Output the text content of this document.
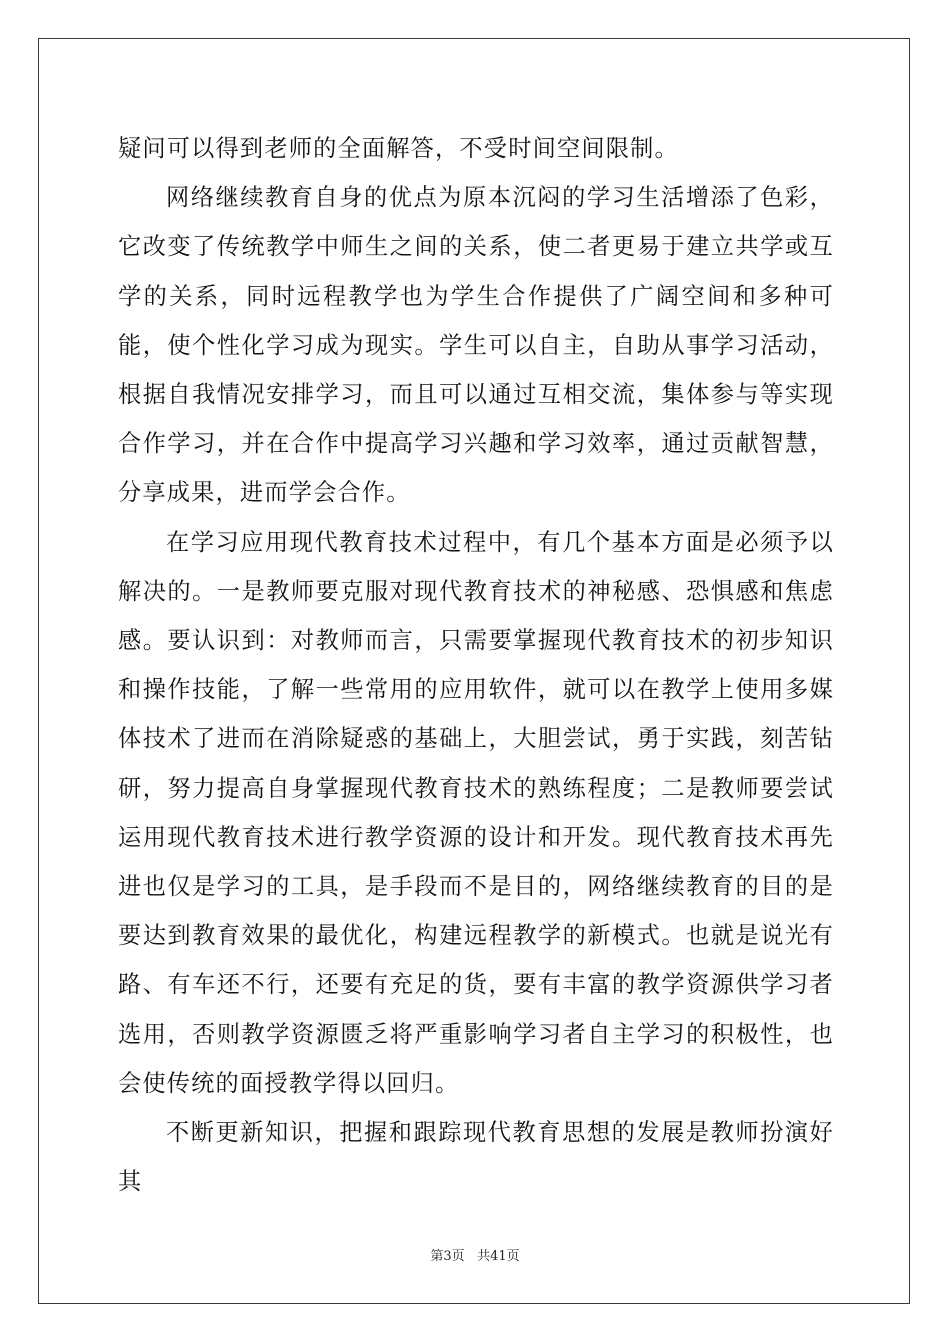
疑问可以得到老师的全面解答，不受时间空间限制。

网络继续教育自身的优点为原本沉闷的学习生活增添了色彩，它改变了传统教学中师生之间的关系，使二者更易于建立共学或互学的关系，同时远程教学也为学生合作提供了广阔空间和多种可能，使个性化学习成为现实。学生可以自主，自助从事学习活动，根据自我情况安排学习，而且可以通过互相交流，集体参与等实现合作学习，并在合作中提高学习兴趣和学习效率，通过贡献智慧，分享成果，进而学会合作。

在学习应用现代教育技术过程中，有几个基本方面是必须予以解决的。一是教师要克服对现代教育技术的神秘感、恐惧感和焦虑感。要认识到：对教师而言，只需要掌握现代教育技术的初步知识和操作技能，了解一些常用的应用软件，就可以在教学上使用多媒体技术了进而在消除疑惑的基础上，大胆尝试，勇于实践，刻苦钻研，努力提高自身掌握现代教育技术的熟练程度；二是教师要尝试运用现代教育技术进行教学资源的设计和开发。现代教育技术再先进也仅是学习的工具，是手段而不是目的，网络继续教育的目的是要达到教育效果的最优化，构建远程教学的新模式。也就是说光有路、有车还不行，还要有充足的货，要有丰富的教学资源供学习者选用，否则教学资源匮乏将严重影响学习者自主学习的积极性，也会使传统的面授教学得以回归。

不断更新知识，把握和跟踪现代教育思想的发展是教师扮演好其

第3页 共41页
